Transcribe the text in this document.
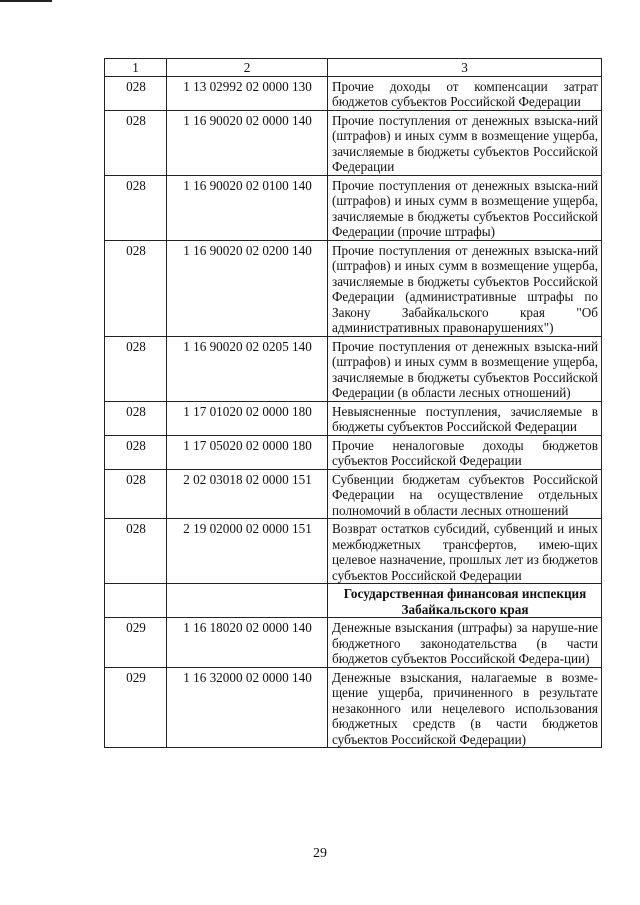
1	2	3
028	1 13 02992 02 0000 130	Прочие доходы от компенсации затрат бюджетов субъектов Российской Федерации
028	1 16 90020 02 0000 140	Прочие поступления от денежных взыска-ний (штрафов) и иных сумм в возмещение ущерба, зачисляемые в бюджеты субъектов Российской Федерации
028	1 16 90020 02 0100 140	Прочие поступления от денежных взыска-ний (штрафов) и иных сумм в возмещение ущерба, зачисляемые в бюджеты субъектов Российской Федерации (прочие штрафы)
028	1 16 90020 02 0200 140	Прочие поступления от денежных взыска-ний (штрафов) и иных сумм в возмещение ущерба, зачисляемые в бюджеты субъектов Российской Федерации (административные штрафы по Закону Забайкальского края "Об административных правонарушениях")
028	1 16 90020 02 0205 140	Прочие поступления от денежных взыска-ний (штрафов) и иных сумм в возмещение ущерба, зачисляемые в бюджеты субъектов Российской Федерации (в области лесных отношений)
028	1 17 01020 02 0000 180	Невыясненные поступления, зачисляемые в бюджеты субъектов Российской Федерации
028	1 17 05020 02 0000 180	Прочие неналоговые доходы бюджетов субъектов Российской Федерации
028	2 02 03018 02 0000 151	Субвенции бюджетам субъектов Российской Федерации на осуществление отдельных полномочий в области лесных отношений
028	2 19 02000 02 0000 151	Возврат остатков субсидий, субвенций и иных межбюджетных трансфертов, имею-щих целевое назначение, прошлых лет из бюджетов субъектов Российской Федерации
		Государственная финансовая инспекция Забайкальского края
029	1 16 18020 02 0000 140	Денежные взыскания (штрафы) за наруше-ние бюджетного законодательства (в части бюджетов субъектов Российской Федера-ции)
029	1 16 32000 02 0000 140	Денежные взыскания, налагаемые в возме-щение ущерба, причиненного в результате незаконного или нецелевого использования бюджетных средств (в части бюджетов субъектов Российской Федерации)
29
